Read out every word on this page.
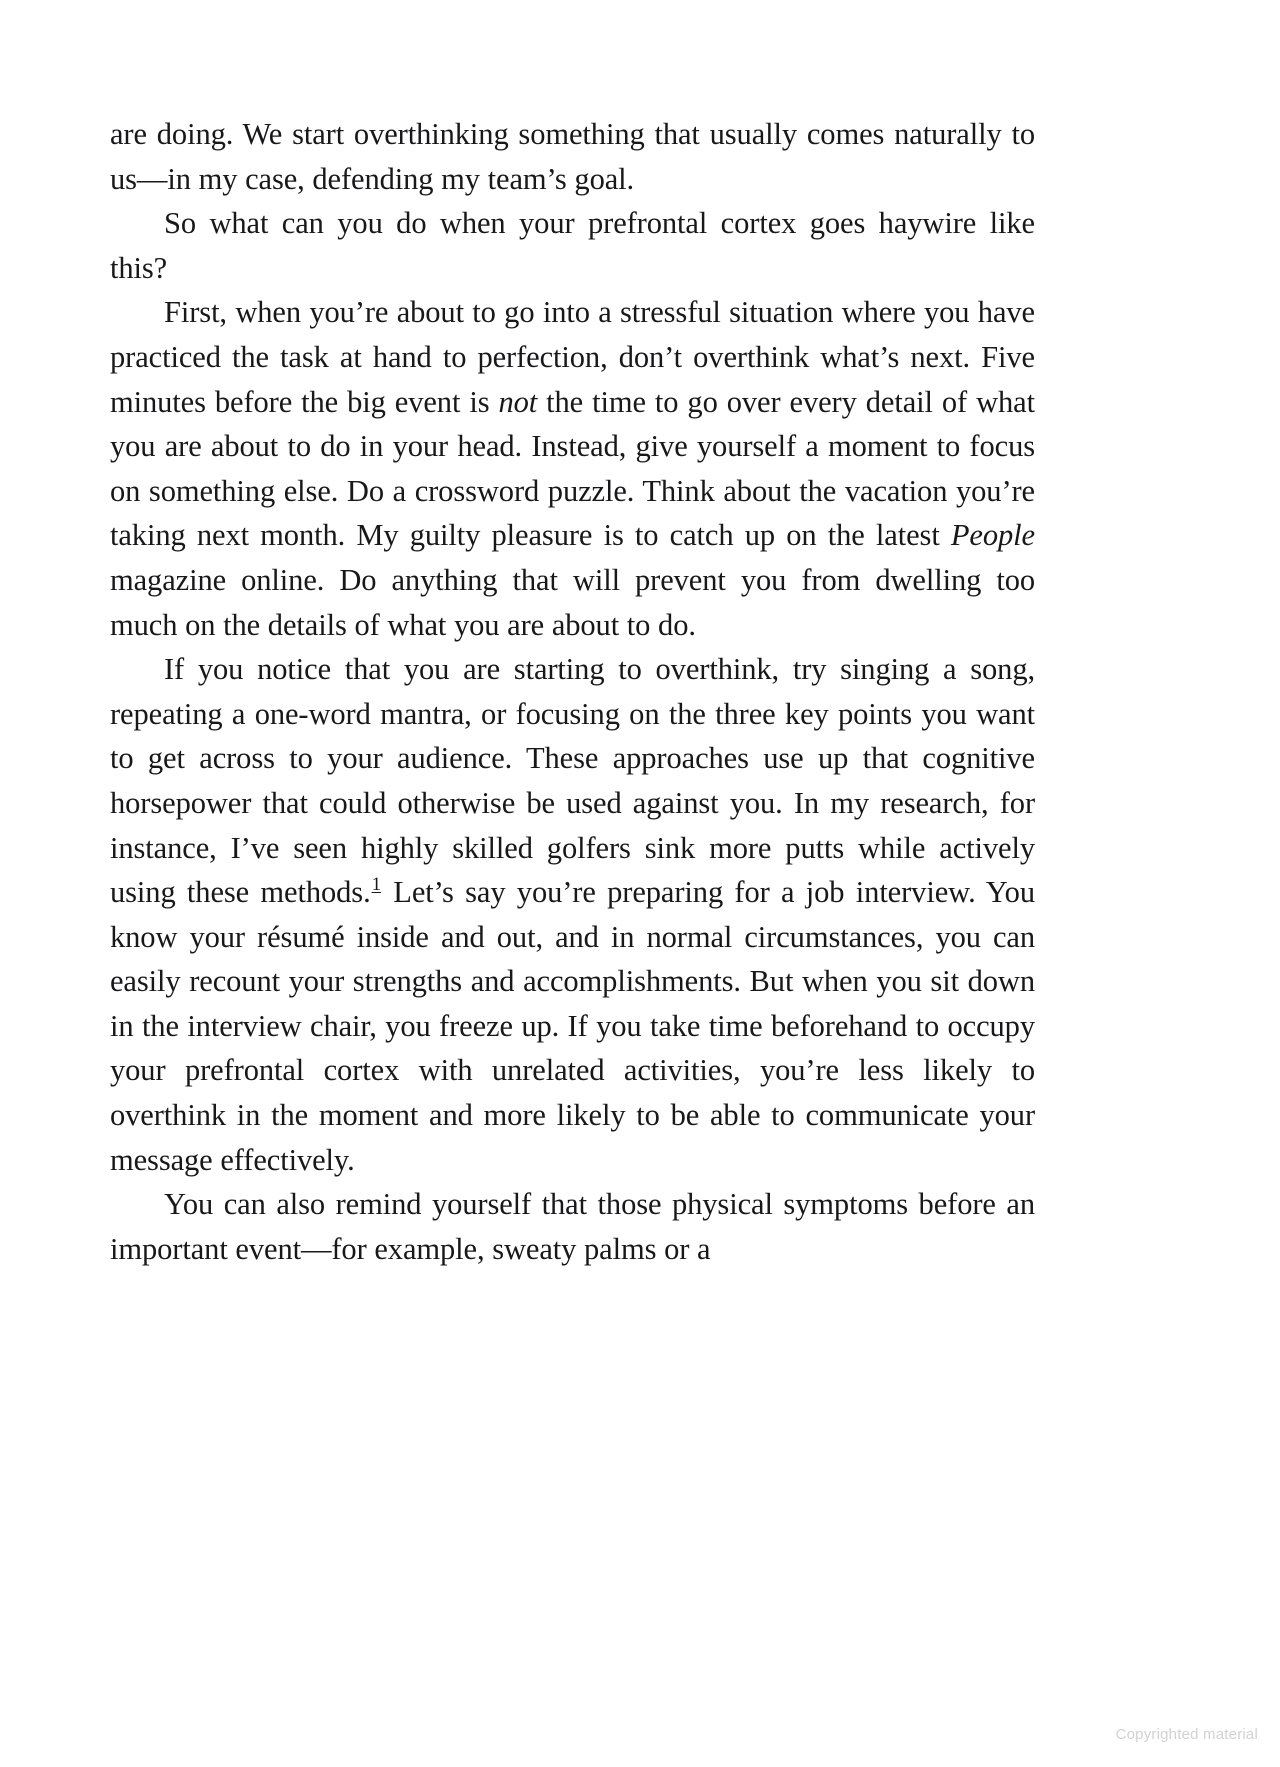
are doing. We start overthinking something that usually comes naturally to us—in my case, defending my team’s goal.

So what can you do when your prefrontal cortex goes haywire like this?

First, when you’re about to go into a stressful situation where you have practiced the task at hand to perfection, don’t overthink what’s next. Five minutes before the big event is not the time to go over every detail of what you are about to do in your head. Instead, give yourself a moment to focus on something else. Do a crossword puzzle. Think about the vacation you’re taking next month. My guilty pleasure is to catch up on the latest People magazine online. Do anything that will prevent you from dwelling too much on the details of what you are about to do.

If you notice that you are starting to overthink, try singing a song, repeating a one-word mantra, or focusing on the three key points you want to get across to your audience. These approaches use up that cognitive horsepower that could otherwise be used against you. In my research, for instance, I’ve seen highly skilled golfers sink more putts while actively using these methods.$^1$ Let’s say you’re preparing for a job interview. You know your résumé inside and out, and in normal circumstances, you can easily recount your strengths and accomplishments. But when you sit down in the interview chair, you freeze up. If you take time beforehand to occupy your prefrontal cortex with unrelated activities, you’re less likely to overthink in the moment and more likely to be able to communicate your message effectively.

You can also remind yourself that those physical symptoms before an important event—for example, sweaty palms or a

Copyrighted material
